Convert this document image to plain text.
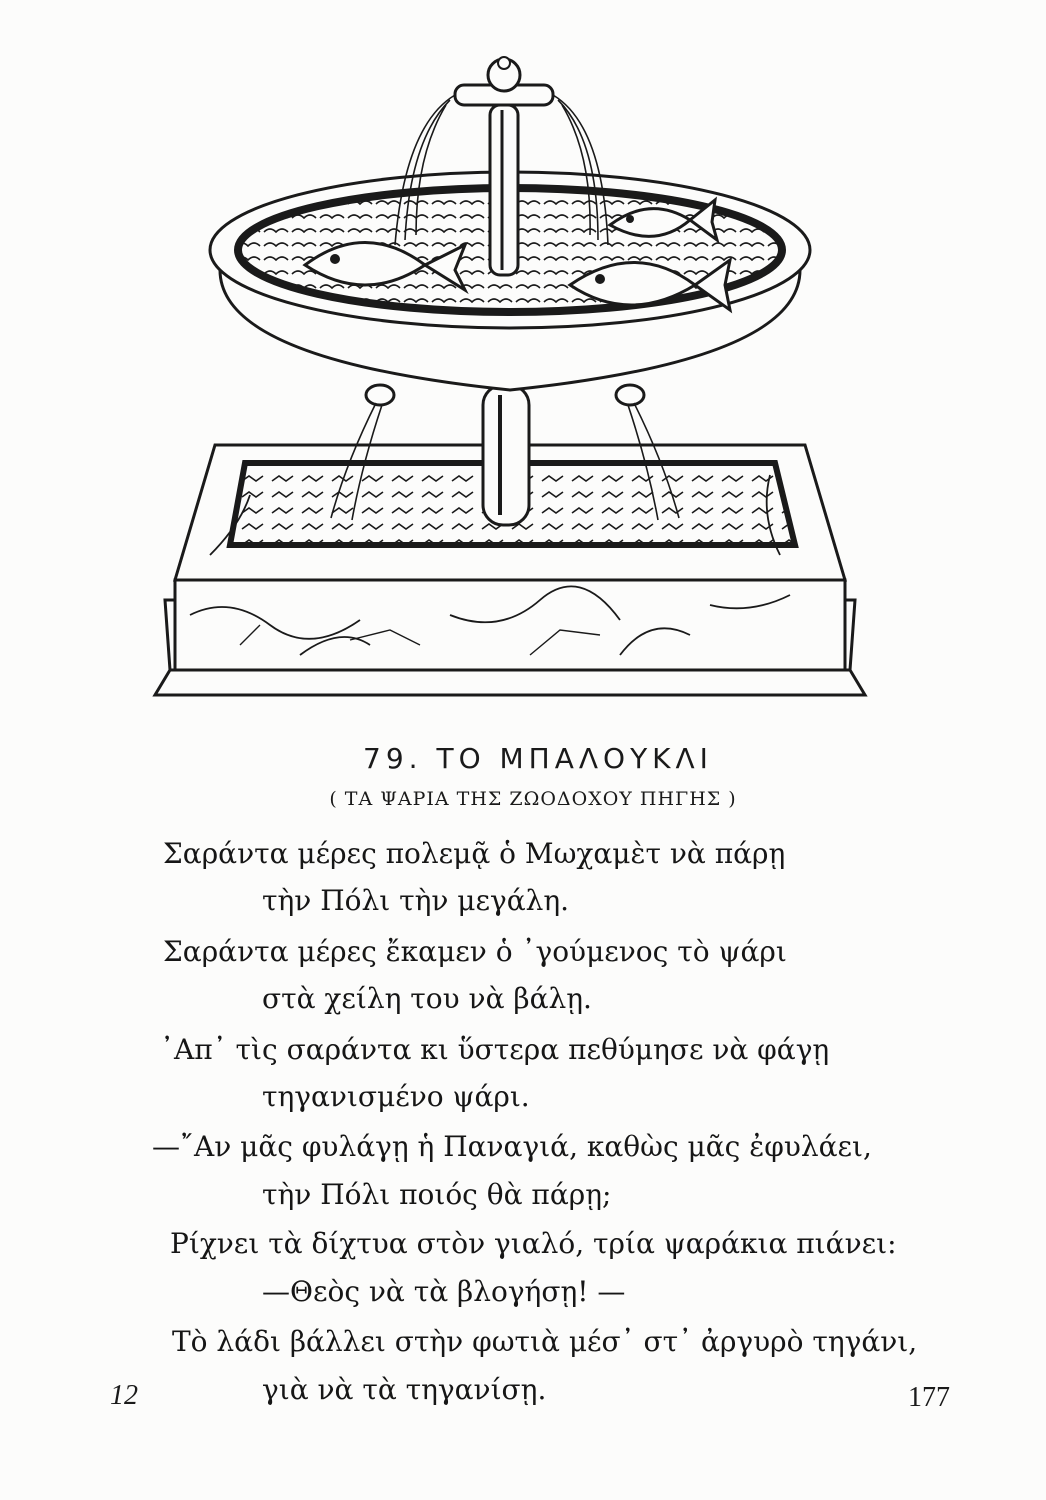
79. ΤΟ ΜΠΑΛΟΥΚΛΙ
( ΤΑ ΨΑΡΙΑ ΤΗΣ ΖΩΟΔΟΧΟΥ ΠΗΓΗΣ )
Σαράντα μέρες πολεμᾷ ὁ Μωχαμὲτ νὰ πάρῃ
τὴν Πόλι τὴν μεγάλη.
Σαράντα μέρες ἔκαμεν ὁ ᾿γούμενος τὸ ψάρι
στὰ χείλη του νὰ βάλῃ.
᾿Απ᾿ τὶς σαράντα κι ὕστερα πεθύμησε νὰ φάγῃ
τηγανισμένο ψάρι.
—῎Αν μᾶς φυλάγῃ ἡ Παναγιά, καθὼς μᾶς ἐφυλάει,
τὴν Πόλι ποιός θὰ πάρῃ;
Ρίχνει τὰ δίχτυα στὸν γιαλό, τρία ψαράκια πιάνει:
—Θεὸς νὰ τὰ βλογήσῃ! —
Τὸ λάδι βάλλει στὴν φωτιὰ μέσ᾿ στ᾿ ἀργυρὸ τηγάνι,
γιὰ νὰ τὰ τηγανίσῃ.
12	177
